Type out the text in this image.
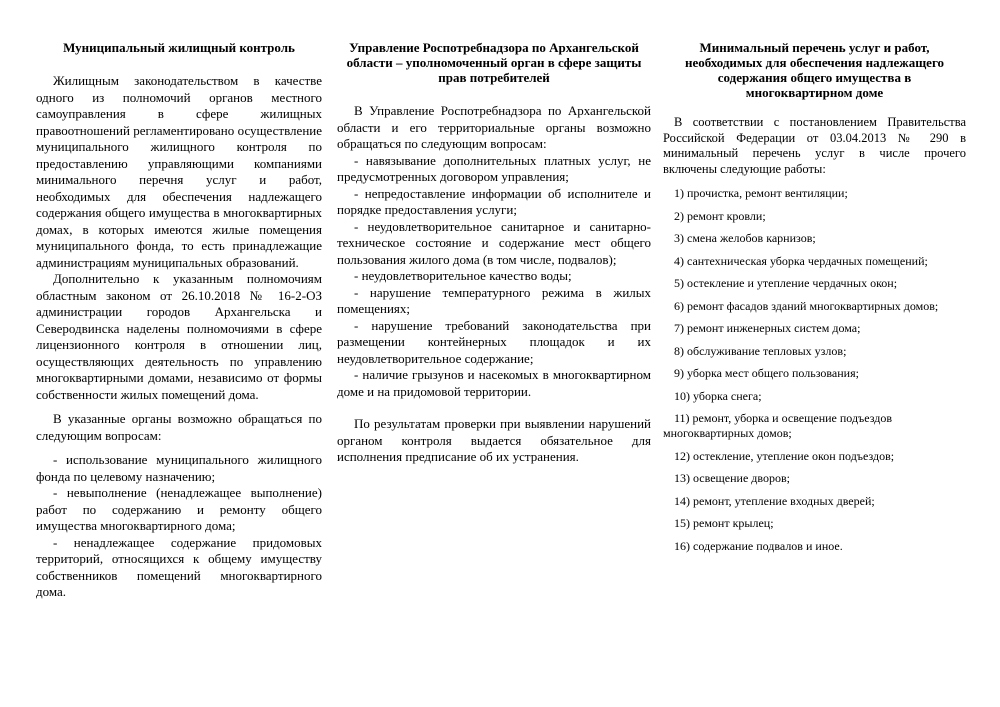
Муниципальный жилищный контроль

Жилищным законодательством в качестве одного из полномочий органов местного самоуправления в сфере жилищных правоотношений регламентировано осуществление муниципального жилищного контроля по предоставлению управляющими компаниями минимального перечня услуг и работ, необходимых для обеспечения надлежащего содержания общего имущества в многоквартирных домах, в которых имеются жилые помещения муниципального фонда, то есть принадлежащие администрациям муниципальных образований.

Дополнительно к указанным полномочиям областным законом от 26.10.2018 № 16-2-ОЗ администрации городов Архангельска и Северодвинска наделены полномочиями в сфере лицензионного контроля в отношении лиц, осуществляющих деятельность по управлению многоквартирными домами, независимо от формы собственности жилых помещений дома.

В указанные органы возможно обращаться по следующим вопросам:

- использование муниципального жилищного фонда по целевому назначению;
- невыполнение (ненадлежащее выполнение) работ по содержанию и ремонту общего имущества многоквартирного дома;
- ненадлежащее содержание придомовых территорий, относящихся к общему имуществу собственников помещений многоквартирного дома.
Управление Роспотребнадзора по Архангельской области – уполномоченный орган в сфере защиты прав потребителей

В Управление Роспотребнадзора по Архангельской области и его территориальные органы возможно обращаться по следующим вопросам:

- навязывание дополнительных платных услуг, не предусмотренных договором управления;
- непредоставление информации об исполнителе и порядке предоставления услуги;
- неудовлетворительное санитарное и санитарно-техническое состояние и содержание мест общего пользования жилого дома (в том числе, подвалов);
- неудовлетворительное качество воды;
- нарушение температурного режима в жилых помещениях;
- нарушение требований законодательства при размещении контейнерных площадок и их неудовлетворительное содержание;
- наличие грызунов и насекомых в многоквартирном доме и на придомовой территории.

По результатам проверки при выявлении нарушений органом контроля выдается обязательное для исполнения предписание об их устранения.

Минимальный перечень услуг и работ, необходимых для обеспечения надлежащего содержания общего имущества в многоквартирном доме

В соответствии с постановлением Правительства Российской Федерации от 03.04.2013 № 290 в минимальный перечень услуг в числе прочего включены следующие работы:

1) прочистка, ремонт вентиляции;
2) ремонт кровли;
3) смена желобов карнизов;
4) сантехническая уборка чердачных помещений;
5) остекление и утепление чердачных окон;
6) ремонт фасадов зданий многоквартирных домов;
7) ремонт инженерных систем дома;
8) обслуживание тепловых узлов;
9) уборка мест общего пользования;
10) уборка снега;
11) ремонт, уборка и освещение подъездов многоквартирных домов;
12) остекление, утепление окон подъездов;
13) освещение дворов;
14) ремонт, утепление входных дверей;
15) ремонт крылец;
16) содержание подвалов и иное.
